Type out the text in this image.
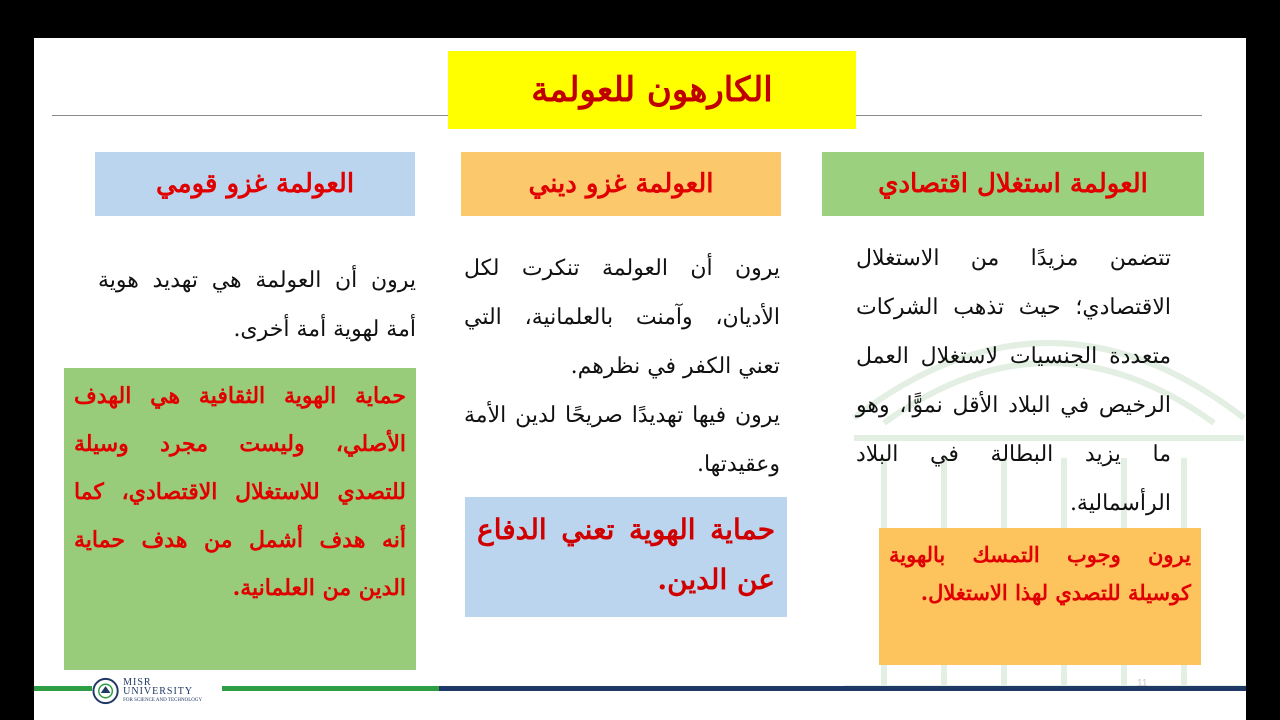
الكارهون للعولمة
العولمة استغلال اقتصادي
العولمة غزو ديني
العولمة غزو قومي
تتضمن مزيدًا من الاستغلال الاقتصادي؛ حيث تذهب الشركات متعددة الجنسيات لاستغلال العمل الرخيص في البلاد الأقل نموًّا، وهو ما يزيد البطالة في البلاد الرأسمالية.
يرون أن العولمة تنكرت لكل الأديان، وآمنت بالعلمانية، التي تعني الكفر في نظرهم.
يرون فيها تهديدًا صريحًا لدين الأمة وعقيدتها.
يرون أن العولمة هي تهديد هوية أمة لهوية أمة أخرى.
يرون وجوب التمسك بالهوية كوسيلة للتصدي لهذا الاستغلال.
حماية الهوية تعني الدفاع عن الدين.
حماية الهوية الثقافية هي الهدف الأصلي، وليست مجرد وسيلة للتصدي للاستغلال الاقتصادي، كما أنه هدف أشمل من هدف حماية الدين من العلمانية.
MISR UNIVERSITY
FOR SCIENCE AND TECHNOLOGY
11
